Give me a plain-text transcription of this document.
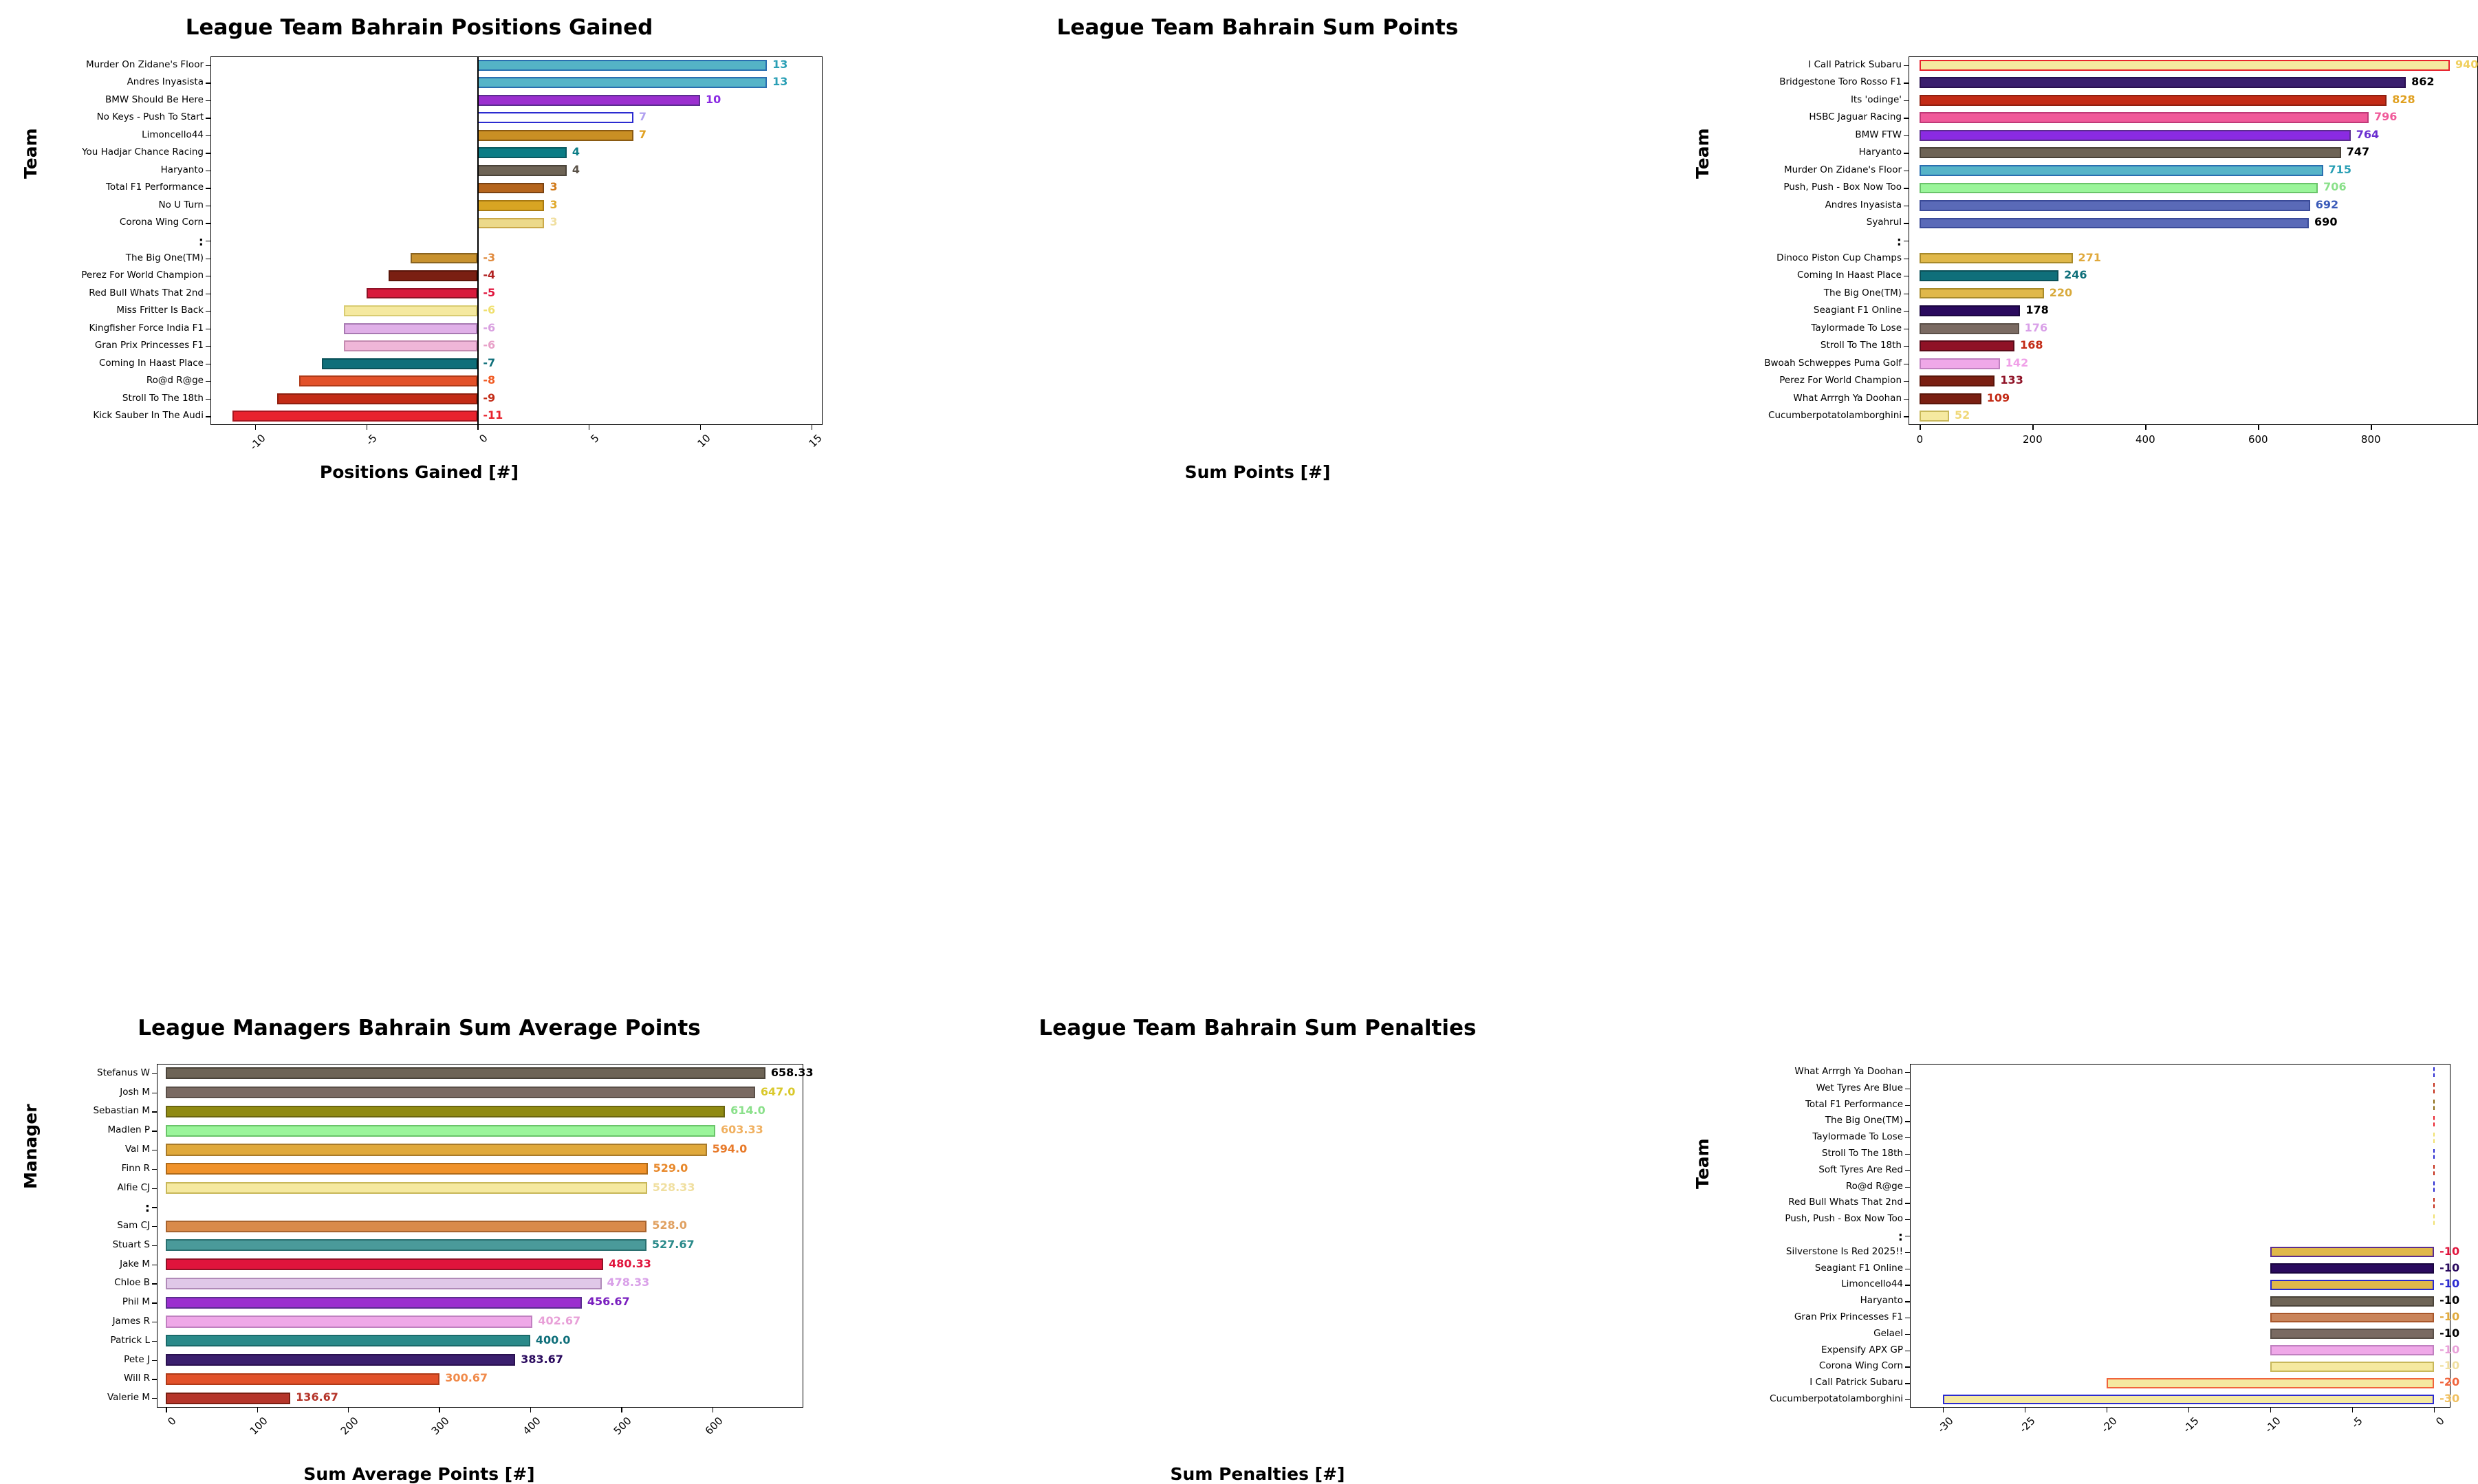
League Team Bahrain Positions Gained
Team
Positions Gained [#]
-10	-5	0	5	10	15
Murder On Zidane's Floor	13
Andres Inyasista	13
BMW Should Be Here	10
No Keys - Push To Start	7
Limoncello44	7
You Hadjar Chance Racing	4
Haryanto	4
Total F1 Performance	3
No U Turn	3
Corona Wing Corn	3
:
The Big One(TM)	-3
Perez For World Champion	-4
Red Bull Whats That 2nd	-5
Miss Fritter Is Back	-6
Kingfisher Force India F1	-6
Gran Prix Princesses F1	-6
Coming In Haast Place	-7
Ro@d R@ge	-8
Stroll To The 18th	-9
Kick Sauber In The Audi	-11
League Team Bahrain Sum Points
Team
Sum Points [#]
0	200	400	600	800
I Call Patrick Subaru	940
Bridgestone Toro Rosso F1	862
Its 'odinge'	828
HSBC Jaguar Racing	796
BMW FTW	764
Haryanto	747
Murder On Zidane's Floor	715
Push, Push - Box Now Too	706
Andres Inyasista	692
Syahrul	690
:
Dinoco Piston Cup Champs	271
Coming In Haast Place	246
The Big One(TM)	220
Seagiant F1 Online	178
Taylormade To Lose	176
Stroll To The 18th	168
Bwoah Schweppes Puma Golf	142
Perez For World Champion	133
What Arrrgh Ya Doohan	109
Cucumberpotatolamborghini	52
League Managers Bahrain Sum Average Points
Manager
Sum Average Points [#]
0	100	200	300	400	500	600
Stefanus W	658.33
Josh M	647.0
Sebastian M	614.0
Madlen P	603.33
Val M	594.0
Finn R	529.0
Alfie CJ	528.33
:
Sam CJ	528.0
Stuart S	527.67
Jake M	480.33
Chloe B	478.33
Phil M	456.67
James R	402.67
Patrick L	400.0
Pete J	383.67
Will R	300.67
Valerie M	136.67
League Team Bahrain Sum Penalties
Team
Sum Penalties [#]
-30	-25	-20	-15	-10	-5	0
What Arrrgh Ya Doohan
Wet Tyres Are Blue
Total F1 Performance
The Big One(TM)
Taylormade To Lose
Stroll To The 18th
Soft Tyres Are Red
Ro@d R@ge
Red Bull Whats That 2nd
Push, Push - Box Now Too
:
Silverstone Is Red 2025!!	-10
Seagiant F1 Online	-10
Limoncello44	-10
Haryanto	-10
Gran Prix Princesses F1	-10
Gelael	-10
Expensify APX GP	-10
Corona Wing Corn	-10
I Call Patrick Subaru	-20
Cucumberpotatolamborghini	-30
